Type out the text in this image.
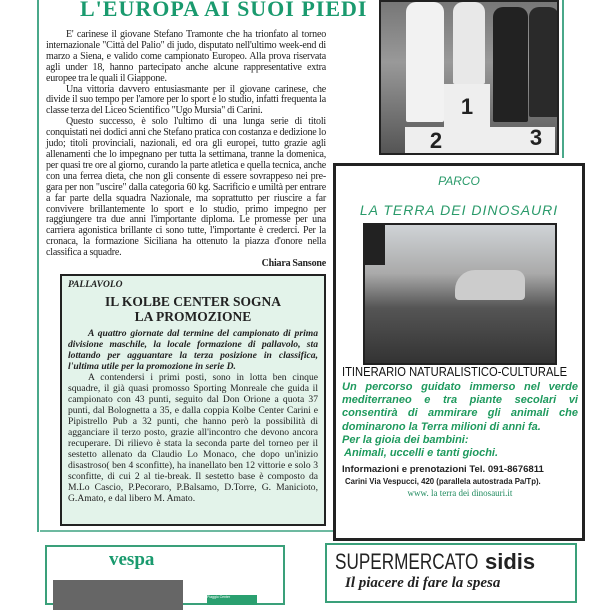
L'EUROPA AI SUOI PIEDI

E' carinese il giovane Stefano Tramonte che ha trionfato al torneo internazionale "Città del Palio" di judo, disputato nell'ultimo week-end di marzo a Siena, e valido come campionato Europeo. Alla prova riservata agli under 18, hanno partecipato anche alcune rappresentative extra europee tra le quali il Giappone.

Una vittoria davvero entusiasmante per il giovane carinese, che divide il suo tempo per l'amore per lo sport e lo studio, infatti frequenta la classe terza del Liceo Scientifico "Ugo Mursia" di Carini.

Questo successo, è solo l'ultimo di una lunga serie di titoli conquistati nei dodici anni che Stefano pratica con costanza e dedizione lo judo; titoli provinciali, nazionali, ed ora gli europei, tutto grazie agli allenamenti che lo impegnano per tutta la settimana, tranne la domenica, per quasi tre ore al giorno, curando la parte atletica e quella tecnica, anche con una ferrea dieta, che non gli consente di essere sovrappeso nei pre-gara per non "uscire" dalla categoria 60 kg. Sacrificio e umiltà per entrare a far parte della squadra Nazionale, ma soprattutto per riuscire a far convivere brillantemente lo sport e lo studio, primo impegno per raggiungere tra due anni l'importante diploma. Le promesse per una carriera agonistica brillante ci sono tutte, l'importante è crederci. Per la cronaca, la formazione Siciliana ha ottenuto la piazza d'onore nella classifica a squadre.

Chiara Sansone
1
2	3
PARCO
LA TERRA DEI DINOSAURI
ITINERARIO NATURALISTICO-CULTURALE
Un percorso guidato immerso nel verde mediterraneo e tra piante secolari vi consentirà di ammirare gli animali che dominarono la Terra milioni di anni fa.
Per la gioia dei bambini:
Animali, uccelli e tanti giochi.
Informazioni e prenotazioni Tel. 091-8676811
Carini Via Vespucci, 420 (parallela autostrada Pa/Tp).
www. la terra dei dinosauri.it
PALLAVOLO
IL KOLBE CENTER SOGNA
LA PROMOZIONE

A quattro giornate dal termine del campionato di prima divisione maschile, la locale formazione di pallavolo, sta lottando per agguantare la terza posizione in classifica, l'ultima utile per la promozione in serie D.

A contendersi i primi posti, sono in lotta ben cinque squadre, il già quasi promosso Sporting Monreale che guida il campionato con 43 punti, seguito dal Don Orione a quota 37 punti, dal Bolognetta a 35, e dalla coppia Kolbe Center Carini e Pipistrello Pub a 32 punti, che hanno però la possibilità di agganciare il terzo posto, grazie all'incontro che devono ancora recuperare. Di rilievo è stata la seconda parte del torneo per il sestetto allenato da Claudio Lo Monaco, che dopo un'inizio disastroso( ben 4 sconfitte), ha inanellato ben 12 vittorie e solo 3 sconfitte, di cui 2 al tie-break. Il sestetto base è composto da M.Lo Cascio, P.Pecoraro, P.Balsamo, D.Torre, G. Manicioto, G.Amato, e dal libero M. Amato.

vespa
Piaggio Center
SUPERMERCATO sidis
Il piacere di fare la spesa
